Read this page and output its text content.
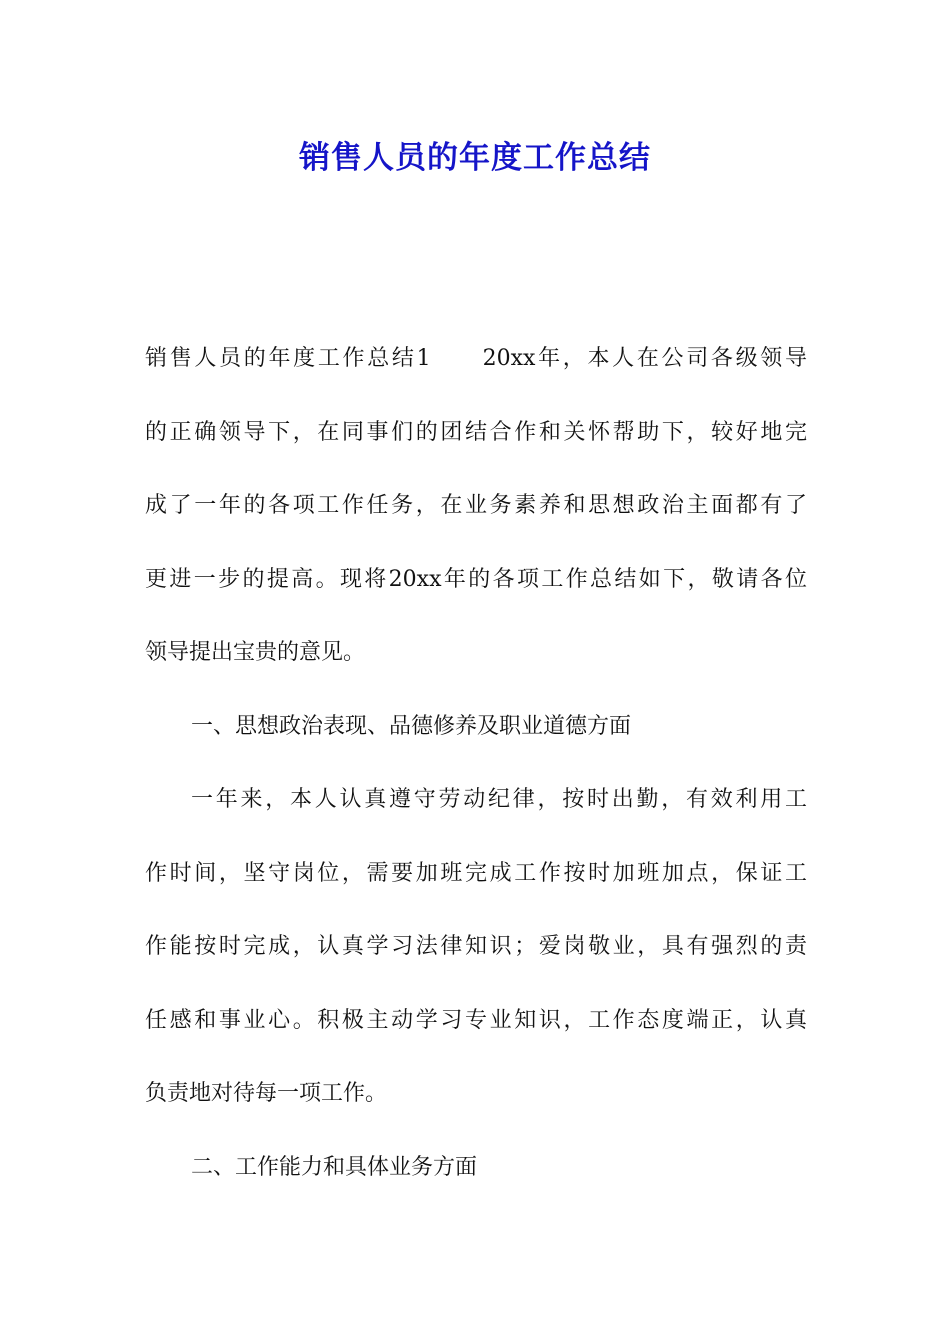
销售人员的年度工作总结
销售人员的年度工作总结1　　20xx年，本人在公司各级领导
的正确领导下，在同事们的团结合作和关怀帮助下，较好地完
成了一年的各项工作任务，在业务素养和思想政治主面都有了
更进一步的提高。现将20xx年的各项工作总结如下，敬请各位
领导提出宝贵的意见。
一、思想政治表现、品德修养及职业道德方面
一年来，本人认真遵守劳动纪律，按时出勤，有效利用工
作时间，坚守岗位，需要加班完成工作按时加班加点，保证工
作能按时完成，认真学习法律知识；爱岗敬业，具有强烈的责
任感和事业心。积极主动学习专业知识，工作态度端正，认真
负责地对待每一项工作。
二、工作能力和具体业务方面
